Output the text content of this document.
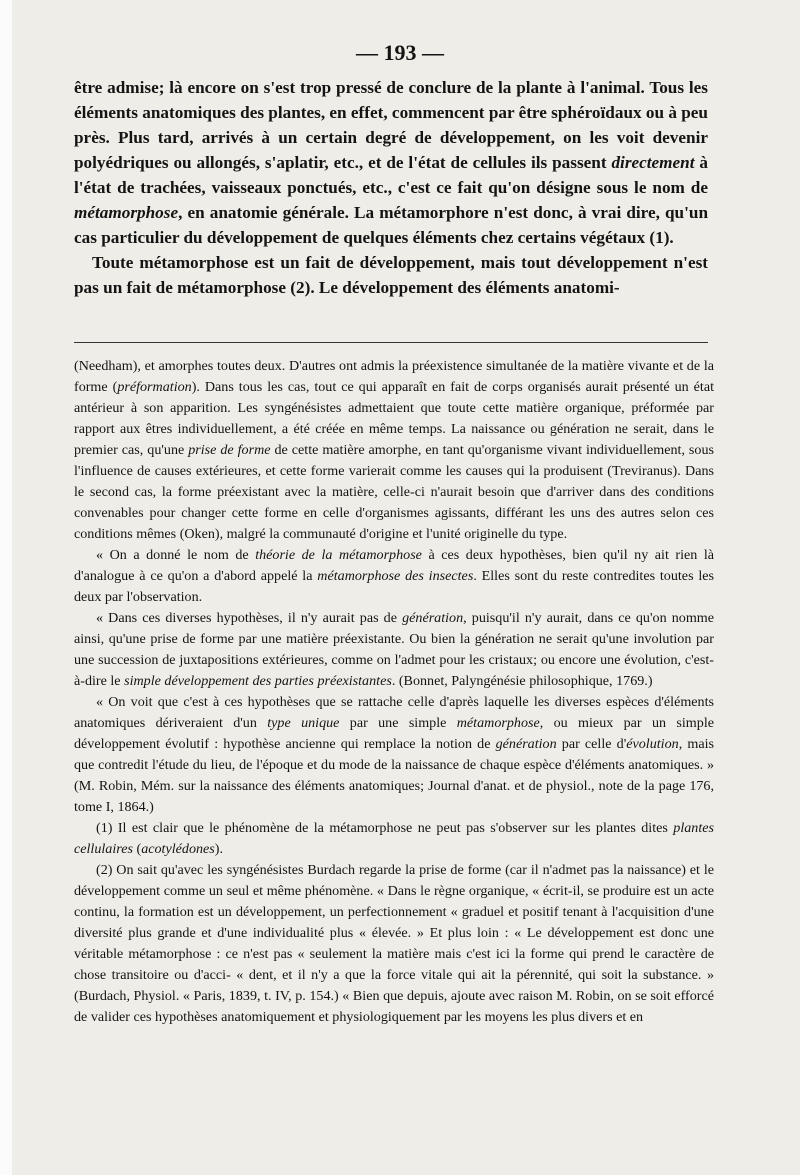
— 193 —

être admise; là encore on s'est trop pressé de conclure de la plante à l'animal. Tous les éléments anatomiques des plantes, en effet, commencent par être sphéroïdaux ou à peu près. Plus tard, arrivés à un certain degré de développement, on les voit devenir polyédriques ou allongés, s'aplatir, etc., et de l'état de cellules ils passent directement à l'état de trachées, vaisseaux ponctués, etc., c'est ce fait qu'on désigne sous le nom de métamorphose, en anatomie générale. La métamorphore n'est donc, à vrai dire, qu'un cas particulier du développement de quelques éléments chez certains végétaux (1).

Toute métamorphose est un fait de développement, mais tout développement n'est pas un fait de métamorphose (2). Le développement des éléments anatomi-

(Needham), et amorphes toutes deux. D'autres ont admis la préexistence simultanée de la matière vivante et de la forme (préformation). Dans tous les cas, tout ce qui apparaît en fait de corps organisés aurait présenté un état antérieur à son apparition. Les syngénésistes admettaient que toute cette matière organique, préformée par rapport aux êtres individuellement, a été créée en même temps. La naissance ou génération ne serait, dans le premier cas, qu'une prise de forme de cette matière amorphe, en tant qu'organisme vivant individuellement, sous l'influence de causes extérieures, et cette forme varierait comme les causes qui la produisent (Treviranus). Dans le second cas, la forme préexistant avec la matière, celle-ci n'aurait besoin que d'arriver dans des conditions convenables pour changer cette forme en celle d'organismes agissants, différant les uns des autres selon ces conditions mêmes (Oken), malgré la communauté d'origine et l'unité originelle du type.

« On a donné le nom de théorie de la métamorphose à ces deux hypothèses, bien qu'il ny ait rien là d'analogue à ce qu'on a d'abord appelé la métamorphose des insectes. Elles sont du reste contredites toutes les deux par l'observation.

« Dans ces diverses hypothèses, il n'y aurait pas de génération, puisqu'il n'y aurait, dans ce qu'on nomme ainsi, qu'une prise de forme par une matière préexistante. Ou bien la génération ne serait qu'une involution par une succession de juxtapositions extérieures, comme on l'admet pour les cristaux; ou encore une évolution, c'est-à-dire le simple développement des parties préexistantes. (Bonnet, Palyngénésie philosophique, 1769.)

« On voit que c'est à ces hypothèses que se rattache celle d'après laquelle les diverses espèces d'éléments anatomiques dériveraient d'un type unique par une simple métamorphose, ou mieux par un simple développement évolutif : hypothèse ancienne qui remplace la notion de génération par celle d'évolution, mais que contredit l'étude du lieu, de l'époque et du mode de la naissance de chaque espèce d'éléments anatomiques. » (M. Robin, Mém. sur la naissance des éléments anatomiques; Journal d'anat. et de physiol., note de la page 176, tome I, 1864.)

(1) Il est clair que le phénomène de la métamorphose ne peut pas s'observer sur les plantes dites plantes cellulaires (acotylédones).

(2) On sait qu'avec les syngénésistes Burdach regarde la prise de forme (car il n'admet pas la naissance) et le développement comme un seul et même phénomène. « Dans le règne organique, « écrit-il, se produire est un acte continu, la formation est un développement, un perfectionnement « graduel et positif tenant à l'acquisition d'une diversité plus grande et d'une individualité plus « élevée. » Et plus loin : « Le développement est donc une véritable métamorphose : ce n'est pas « seulement la matière mais c'est ici la forme qui prend le caractère de chose transitoire ou d'acci- « dent, et il n'y a que la force vitale qui ait la pérennité, qui soit la substance. » (Burdach, Physiol. « Paris, 1839, t. IV, p. 154.) « Bien que depuis, ajoute avec raison M. Robin, on se soit efforcé de valider ces hypothèses anatomiquement et physiologiquement par les moyens les plus divers et en
